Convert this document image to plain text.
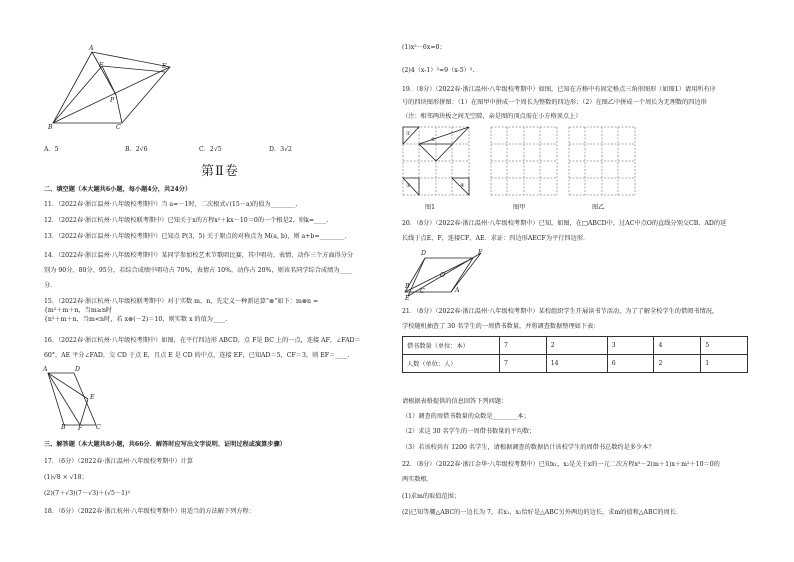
A
F	E
P
B	C
A．5	B．2√6	C．2√5	D．3√2
第Ⅱ卷
二、填空题（本大题共6小题，每小题4分，共24分）
11．（2022春·浙江温州·八年级校考期中）当 a=－1时，二次根式√(15－a)的值为________.
12．（2022春·浙江杭州·八年级校联考期中）已知关于x的方程x²＋kx－10＝0的一个根是2，则k=____.
13．（2022春·浙江温州·八年级校考期中）已知点 P(3，5) 关于原点的对称点为 M(a, b)，则 a+b=________.
14．（2022春·浙江温州·八年级校考期中）某同学参加校艺术节歌唱比赛，其中唱功、表情、动作三个方面得分分
别为 90分、80分、95分，若综合成绩中唱功占 70%，表情占 10%，动作占 20%，则该名同学综合成绩为____
分.
15．（2022春·浙江杭州·八年级校联考期中）对于实数 m，n，先定义一种新运算“⊗”如下：m⊗n =
{m²＋m＋n，当m≥n时
{n²＋m＋n，当m<n时，若 x⊗(－2)＝10，则实数 x 的值为____.
16．（2022春·浙江杭州·八年级校考期中）如图，在平行四边形 ABCD，点 F是 BC 上的一点，连接 AF，∠FAD＝
60°，AE 平分∠FAD，交 CD 于点 E，且点 E 是 CD 的中点，连接 EF，已知AD＝5，CF＝3，则 EF＝____.
A	D
E
B F C
三、解答题（本大题共8小题，共66分．解答时应写出文字说明、证明过程或演算步骤）
17．（6分）（2022春·浙江温州·八年级校考期中）计算
(1)√8 × √18；
(2)(7＋√3)(7－√3)＋(√5－1)²
18．（6分）（2022春·浙江杭州·八年级校考期中）用适当的方法解下列方程：
(1)x²－6x=0；
(2)4（x-1）²=9（x-5）².
19．（8分）（2022春·浙江温州·八年级校考期中）如图，已知在方格中有固定格点三角形图形（如图1）请用所有序
号的四块图形拼图：（1）在图甲中拼成一个周长为整数的四边形；（2）在图乙中拼成一个周长为无理数的四边形
（注：相邻两块板之间无空隙，亲是图的顶点需在小方格顶点上）
①
②
③	④
图1	图甲	图乙
20．（8分）（2022春·浙江温州·八年级校考期中）已知，如图，在□ABCD中，过AC中点O的直线分别交CB、AD的延
长线于点E、F，连接CF、AE．求证：四边形AECF为平行四边形．
D	F
O
B
C	A
E
21．（8分）（2022春·浙江温州·八年级校考期中）某校组织学生开展读书节活动，为了了解全校学生的借阅书情况，
学校随机抽查了 30 名学生的一周借书数量，并将调查数据整理如下表：
借书数量（单位：本）	7	2	3	4	5
人数（单位：人）	7	14	6	2	1
请根据表格提供的信息回答下列问题：
（1）调查的周借书数量的众数是________本；
（2）求这 30 名学生的一周借书数量的平均数；
（3）若该校共有 1200 名学生，请根据调查的数据估计该校学生的周借书总数约是多少本？
22．（8分）（2022春·浙江金华·八年级校考期中）已知x₁，x₂是关于x的一元二次方程x²－2(m＋1)x＋m²＋10＝0的
两实数根．
(1)求m的取值范围；
(2)已知等腰△ABC的一边长为 7，若x₁，x₂恰好是△ABC另外两边的边长，求m的值和△ABC的周长．
